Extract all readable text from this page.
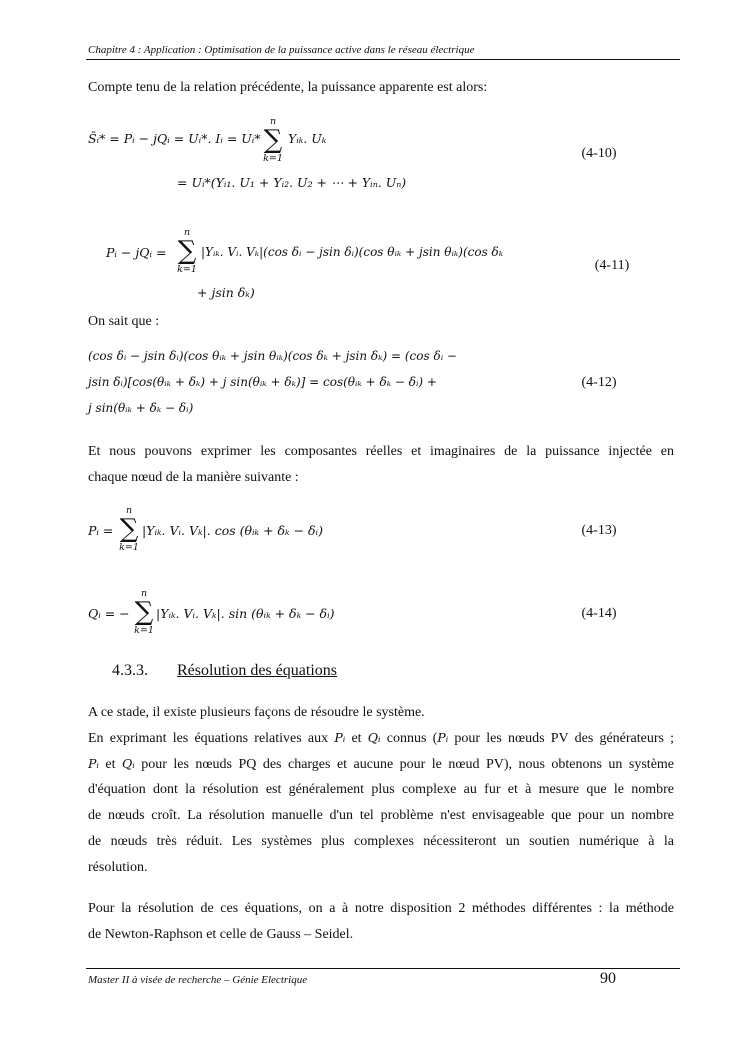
Chapitre 4 : Application : Optimisation de la puissance active dans le réseau électrique
Compte tenu de la relation précédente, la puissance apparente est alors:
S̄ᵢ* = Pᵢ − jQᵢ = Uᵢ*. Iᵢ = Uᵢ*
n
∑
k=1
Yᵢₖ. Uₖ
= Uᵢ*(Yᵢ₁. U₁ + Yᵢ₂. U₂ + ⋯ + Yᵢₙ. Uₙ)
(4-10)
Pᵢ − jQᵢ =
n
∑
k=1
|Yᵢₖ. Vᵢ. Vₖ|(cos δᵢ − jsin δᵢ)(cos θᵢₖ + jsin θᵢₖ)(cos δₖ
+ jsin δₖ)
(4-11)
On sait que :
(cos δᵢ − jsin δᵢ)(cos θᵢₖ + jsin θᵢₖ)(cos δₖ + jsin δₖ) = (cos δᵢ −
jsin δᵢ)[cos(θᵢₖ + δₖ) + j sin(θᵢₖ + δₖ)] = cos(θᵢₖ + δₖ − δᵢ) +
j sin(θᵢₖ + δₖ − δᵢ)
(4-12)
Et nous pouvons exprimer les composantes réelles et imaginaires de la puissance injectée en
chaque nœud de la manière suivante :
Pᵢ =
n
∑
k=1
|Yᵢₖ. Vᵢ. Vₖ|. cos (θᵢₖ + δₖ − δᵢ)	(4-13)
Qᵢ = −
n
∑
k=1
|Yᵢₖ. Vᵢ. Vₖ|. sin (θᵢₖ + δₖ − δᵢ)	(4-14)
4.3.3. Résolution des équations
A ce stade, il existe plusieurs façons de résoudre le système.
En exprimant les équations relatives aux Pᵢ et Qᵢ connus (Pᵢ pour les nœuds PV des générateurs ;
Pᵢ et Qᵢ pour les nœuds PQ des charges et aucune pour le nœud PV), nous obtenons un système
d'équation dont la résolution est généralement plus complexe au fur et à mesure que le nombre
de nœuds croît. La résolution manuelle d'un tel problème n'est envisageable que pour un nombre
de nœuds très réduit. Les systèmes plus complexes nécessiteront un soutien numérique à la
résolution.
Pour la résolution de ces équations, on a à notre disposition 2 méthodes différentes : la méthode
de Newton-Raphson et celle de Gauss – Seidel.
Master II à visée de recherche – Génie Electrique	90
